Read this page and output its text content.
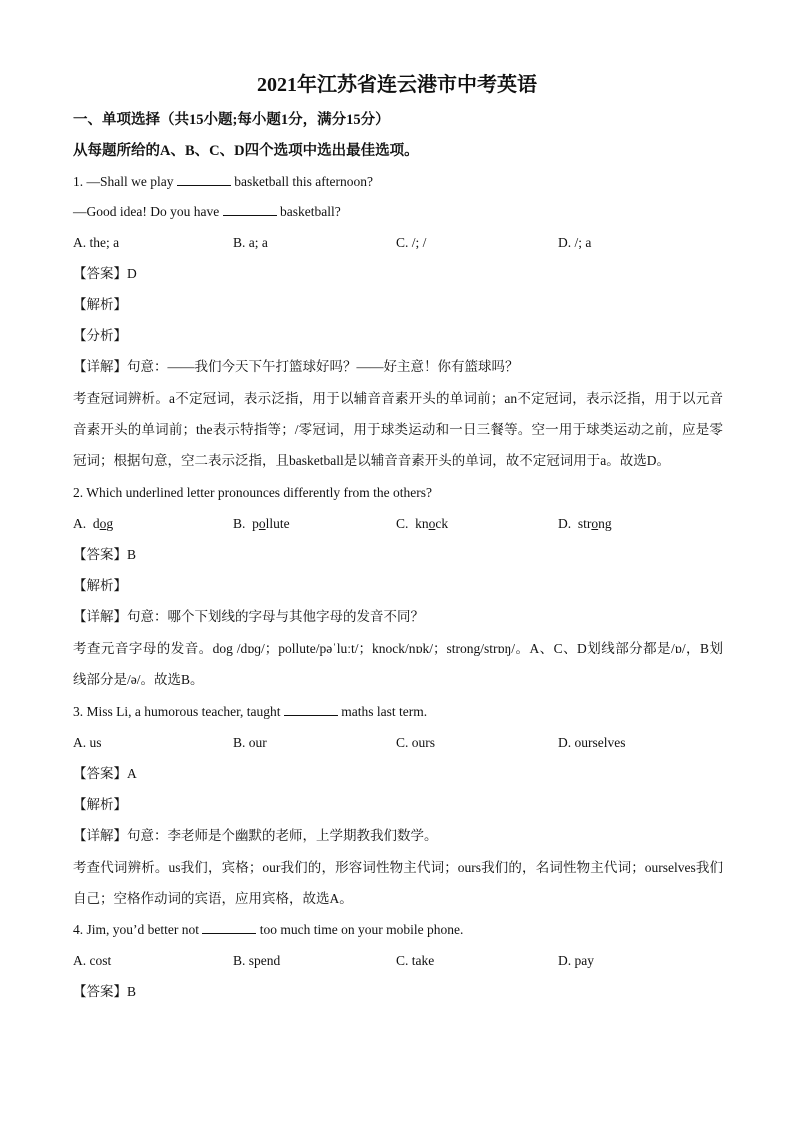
2021年江苏省连云港市中考英语
一、单项选择（共15小题;每小题1分，满分15分）
从每题所给的A、B、C、D四个选项中选出最佳选项。
1. —Shall we play	basketball this afternoon?
—Good idea! Do you have	basketball?
A. the; a	B. a; a	C. /; /	D. /; a
【答案】D
【解析】
【分析】
【详解】句意：——我们今天下午打篮球好吗？——好主意！你有篮球吗？
考查冠词辨析。a不定冠词，表示泛指，用于以辅音音素开头的单词前；an不定冠词，表示泛指，用于以元音音素开头的单词前；the表示特指等；/零冠词，用于球类运动和一日三餐等。空一用于球类运动之前，应是零冠词；根据句意，空二表示泛指，且basketball是以辅音音素开头的单词，故不定冠词用于a。故选D。
2. Which underlined letter pronounces differently from the others?
A. dog	B. pollute	C. knock	D. strong
【答案】B
【解析】
【详解】句意：哪个下划线的字母与其他字母的发音不同？
考查元音字母的发音。dog /dɒɡ/；pollute/pəˈluːt/；knock/nɒk/；strong/strɒŋ/。A、C、D划线部分都是/ɒ/，B划线部分是/ə/。故选B。
3. Miss Li, a humorous teacher, taught	maths last term.
A. us	B. our	C. ours	D. ourselves
【答案】A
【解析】
【详解】句意：李老师是个幽默的老师，上学期教我们数学。
考查代词辨析。us我们，宾格；our我们的，形容词性物主代词；ours我们的，名词性物主代词；ourselves我们自己；空格作动词的宾语，应用宾格，故选A。
4. Jim, you’d better not	too much time on your mobile phone.
A. cost	B. spend	C. take	D. pay
【答案】B
